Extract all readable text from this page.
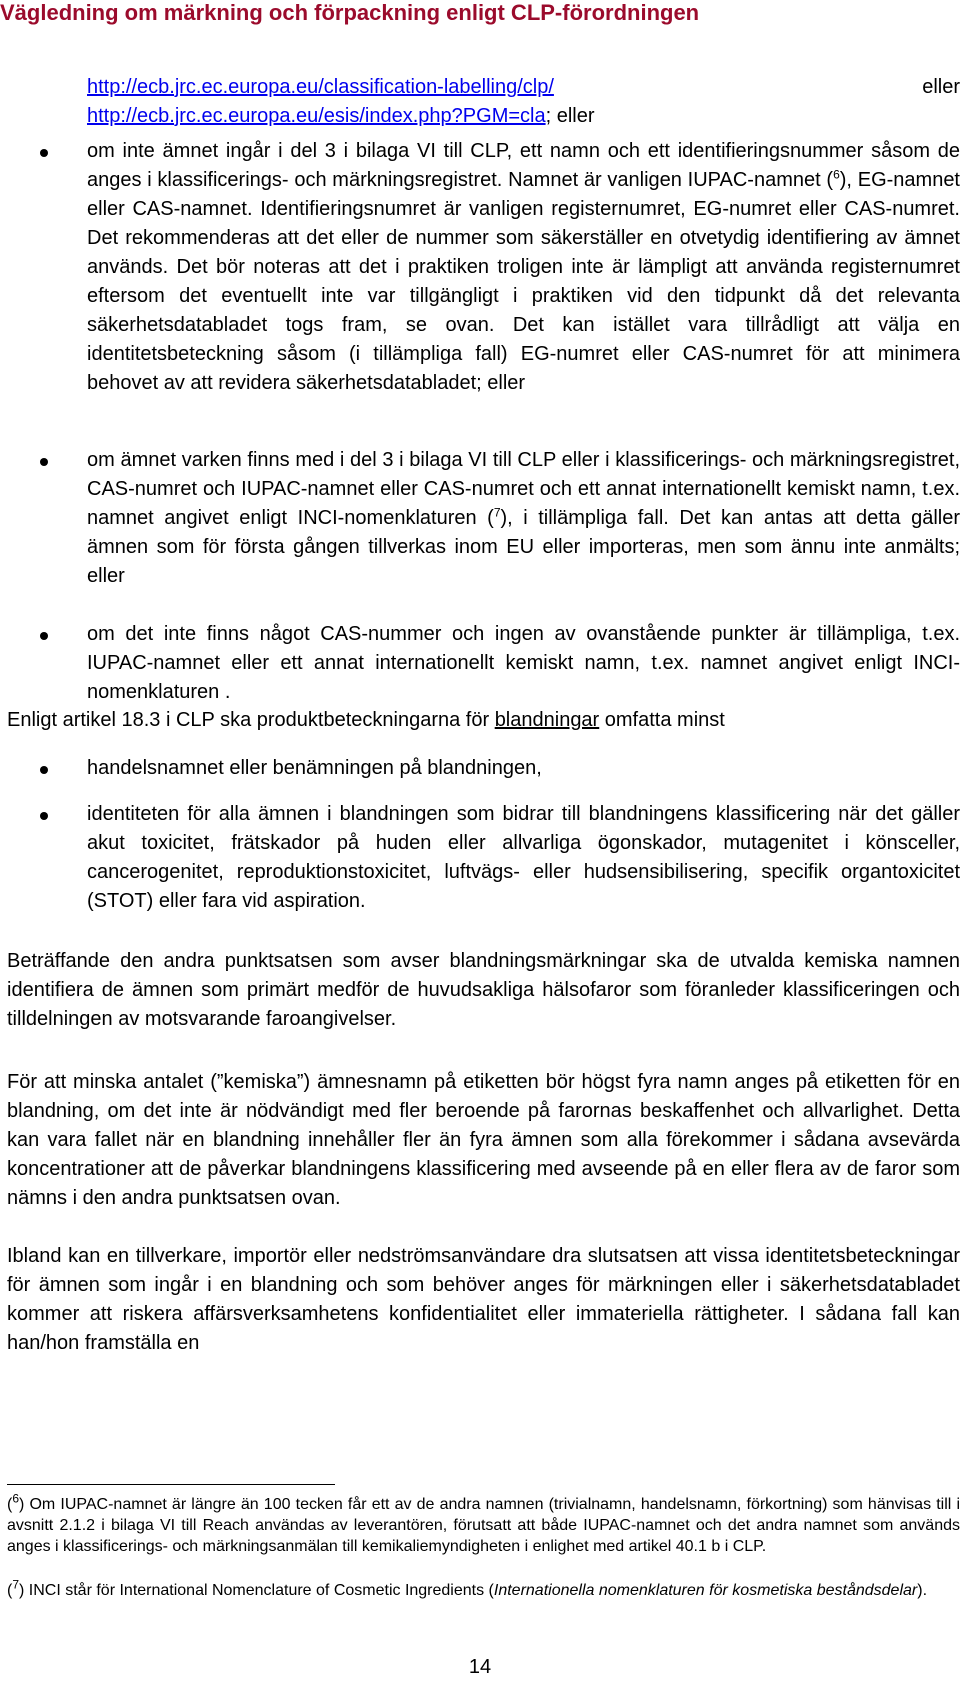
Vägledning om märkning och förpackning enligt CLP-förordningen
http://ecb.jrc.ec.europa.eu/classification-labelling/clp/	eller
http://ecb.jrc.ec.europa.eu/esis/index.php?PGM=cla; eller
om inte ämnet ingår i del 3 i bilaga VI till CLP, ett namn och ett identifieringsnummer såsom de anges i klassificerings- och märkningsregistret. Namnet är vanligen IUPAC-namnet ($^6$), EG-namnet eller CAS-namnet. Identifieringsnumret är vanligen registernumret, EG-numret eller CAS-numret. Det rekommenderas att det eller de nummer som säkerställer en otvetydig identifiering av ämnet används. Det bör noteras att det i praktiken troligen inte är lämpligt att använda registernumret eftersom det eventuellt inte var tillgängligt i praktiken vid den tidpunkt då det relevanta säkerhetsdatabladet togs fram, se ovan. Det kan istället vara tillrådligt att välja en identitetsbeteckning såsom (i tillämpliga fall) EG-numret eller CAS-numret för att minimera behovet av att revidera säkerhetsdatabladet; eller
om ämnet varken finns med i del 3 i bilaga VI till CLP eller i klassificerings- och märkningsregistret, CAS-numret och IUPAC-namnet eller CAS-numret och ett annat internationellt kemiskt namn, t.ex. namnet angivet enligt INCI-nomenklaturen ($^7$), i tillämpliga fall. Det kan antas att detta gäller ämnen som för första gången tillverkas inom EU eller importeras, men som ännu inte anmälts; eller
om det inte finns något CAS-nummer och ingen av ovanstående punkter är tillämpliga, t.ex. IUPAC-namnet eller ett annat internationellt kemiskt namn, t.ex. namnet angivet enligt INCI-nomenklaturen .
Enligt artikel 18.3 i CLP ska produktbeteckningarna för blandningar omfatta minst
handelsnamnet eller benämningen på blandningen,
identiteten för alla ämnen i blandningen som bidrar till blandningens klassificering när det gäller akut toxicitet, frätskador på huden eller allvarliga ögonskador, mutagenitet i könsceller, cancerogenitet, reproduktionstoxicitet, luftvägs- eller hudsensibilisering, specifik organtoxicitet (STOT) eller fara vid aspiration.
Beträffande den andra punktsatsen som avser blandningsmärkningar ska de utvalda kemiska namnen identifiera de ämnen som primärt medför de huvudsakliga hälsofaror som föranleder klassificeringen och tilldelningen av motsvarande faroangivelser.
För att minska antalet (”kemiska”) ämnesnamn på etiketten bör högst fyra namn anges på etiketten för en blandning, om det inte är nödvändigt med fler beroende på farornas beskaffenhet och allvarlighet. Detta kan vara fallet när en blandning innehåller fler än fyra ämnen som alla förekommer i sådana avsevärda koncentrationer att de påverkar blandningens klassificering med avseende på en eller flera av de faror som nämns i den andra punktsatsen ovan.
Ibland kan en tillverkare, importör eller nedströmsanvändare dra slutsatsen att vissa identitetsbeteckningar för ämnen som ingår i en blandning och som behöver anges för märkningen eller i säkerhetsdatabladet kommer att riskera affärsverksamhetens konfidentialitet eller immateriella rättigheter. I sådana fall kan han/hon framställa en
($^6$) Om IUPAC-namnet är längre än 100 tecken får ett av de andra namnen (trivialnamn, handelsnamn, förkortning) som hänvisas till i avsnitt 2.1.2 i bilaga VI till Reach användas av leverantören, förutsatt att både IUPAC-namnet och det andra namnet som används anges i klassificerings- och märkningsanmälan till kemikaliemyndigheten i enlighet med artikel 40.1 b i CLP.
($^7$) INCI står för International Nomenclature of Cosmetic Ingredients (Internationella nomenklaturen för kosmetiska beståndsdelar).
14
